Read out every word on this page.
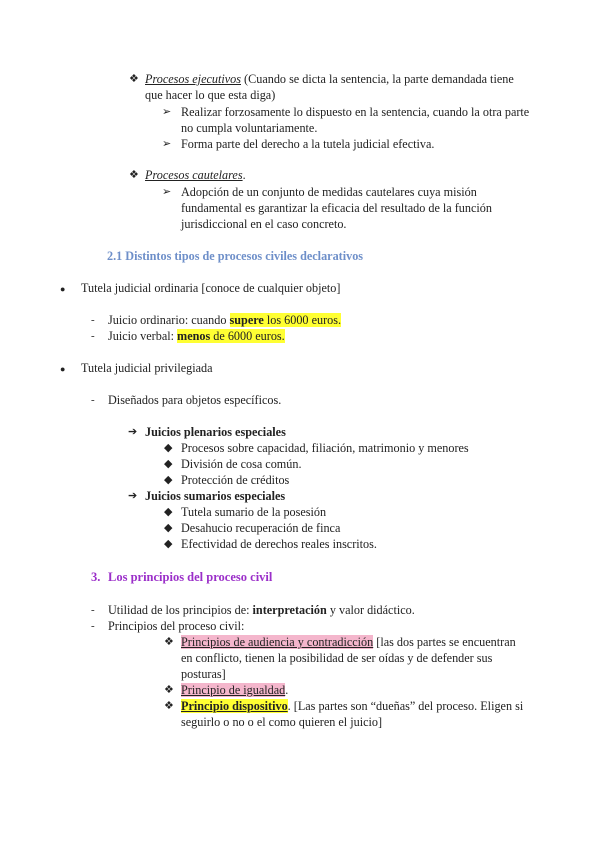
❖ Procesos ejecutivos (Cuando se dicta la sentencia, la parte demandada tiene
que hacer lo que esta diga)
➢ Realizar forzosamente lo dispuesto en la sentencia, cuando la otra parte
no cumpla voluntariamente.
➢ Forma parte del derecho a la tutela judicial efectiva.
❖ Procesos cautelares.
➢ Adopción de un conjunto de medidas cautelares cuya misión
fundamental es garantizar la eficacia del resultado de la función
jurisdiccional en el caso concreto.
2.1 Distintos tipos de procesos civiles declarativos
● Tutela judicial ordinaria [conoce de cualquier objeto]
- Juicio ordinario: cuando supere los 6000 euros.
- Juicio verbal: menos de 6000 euros.
● Tutela judicial privilegiada
- Diseñados para objetos específicos.
➔ Juicios plenarios especiales
◆ Procesos sobre capacidad, filiación, matrimonio y menores
◆ División de cosa común.
◆ Protección de créditos
➔ Juicios sumarios especiales
◆ Tutela sumario de la posesión
◆ Desahucio recuperación de finca
◆ Efectividad de derechos reales inscritos.
3. Los principios del proceso civil
- Utilidad de los principios de: interpretación y valor didáctico.
- Principios del proceso civil:
❖ Principios de audiencia y contradicción [las dos partes se encuentran
en conflicto, tienen la posibilidad de ser oídas y de defender sus
posturas]
❖ Principio de igualdad.
❖ Principio dispositivo. [Las partes son “dueñas” del proceso. Eligen si
seguirlo o no o el como quieren el juicio]
